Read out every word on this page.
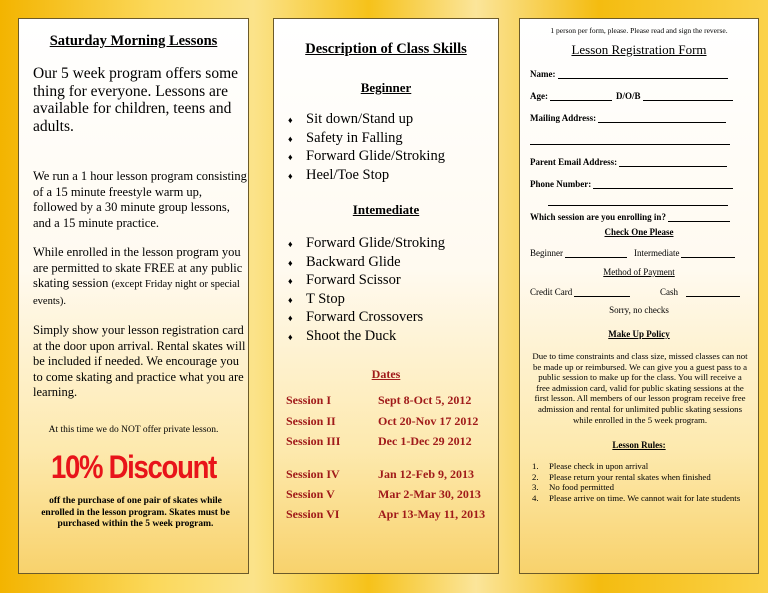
Saturday Morning Lessons
Our 5 week program offers some thing for everyone. Lessons are available for children, teens and adults.
We run a 1 hour lesson program consisting of a 15 minute freestyle warm up, followed by a 30 minute group lessons, and a 15 minute practice.
While enrolled in the lesson program you are permitted to skate FREE at any public skating session (except Friday night or special events).
Simply show your lesson registration card at the door upon arrival. Rental skates will be included if needed. We encourage you to come skating and practice what you are learning.
At this time we do NOT offer private lesson.
10% Discount
off the purchase of one pair of skates while enrolled in the lesson program. Skates must be purchased within the 5 week program.
Description of Class Skills
Beginner
♦ Sit down/Stand up
♦ Safety in Falling
♦ Forward Glide/Stroking
♦ Heel/Toe Stop
Intemediate
♦ Forward Glide/Stroking
♦ Backward Glide
♦ Forward Scissor
♦ T Stop
♦ Forward Crossovers
♦ Shoot the Duck
Dates
Session I	Sept 8-Oct 5, 2012
Session II	Oct 20-Nov 17 2012
Session III	Dec 1-Dec 29 2012
Session IV	Jan 12-Feb 9, 2013
Session V	Mar 2-Mar 30, 2013
Session VI	Apr 13-May 11, 2013
1 person per form, please. Please read and sign the reverse.
Lesson Registration Form
Name:
Age:	D/O/B
Mailing Address:
Parent Email Address:
Phone Number:
Which session are you enrolling in?
Check One Please
Beginner	Intermediate
Method of Payment
Credit Card	Cash
Sorry, no checks
Make Up Policy
Due to time constraints and class size, missed classes can not be made up or reimbursed. We can give you a guest pass to a public session to make up for the class. You will receive a free admission card, valid for public skating sessions at the first lesson. All members of our lesson program receive free admission and rental for unlimited public skating sessions while enrolled in the 5 week program.
Lesson Rules:
1.	Please check in upon arrival
2.	Please return your rental skates when finished
3.	No food permitted
4.	Please arrive on time. We cannot wait for late students
